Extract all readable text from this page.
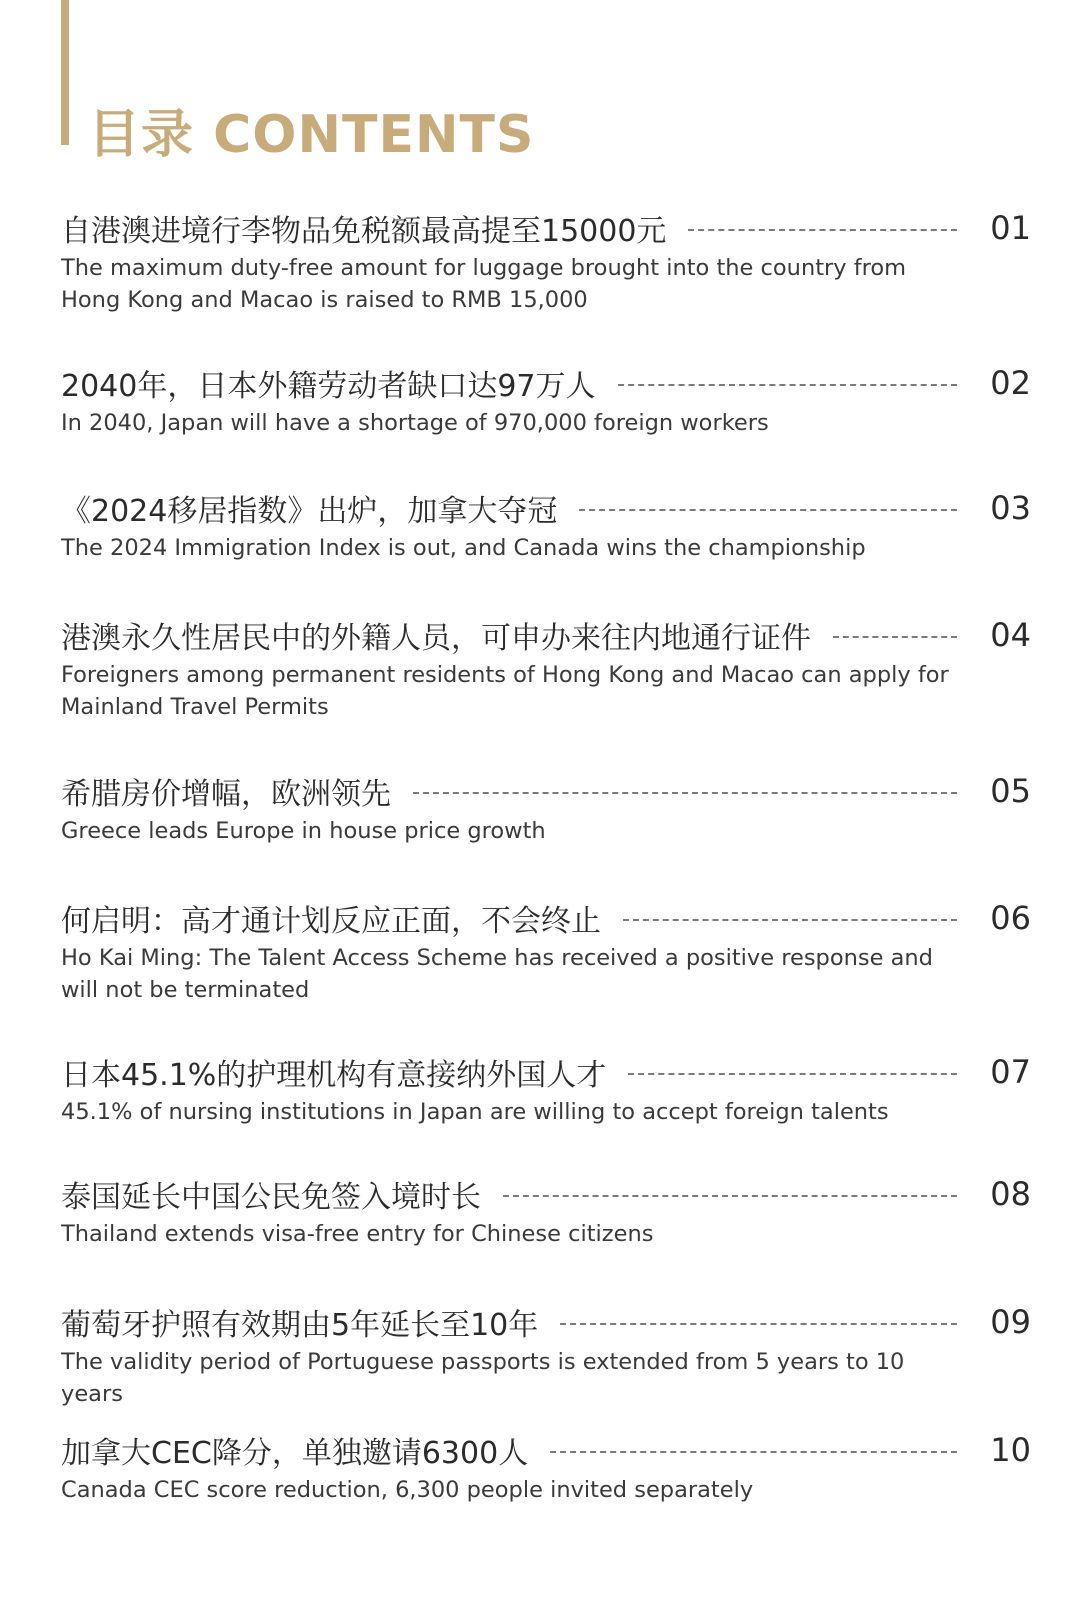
目录 CONTENTS
自港澳进境行李物品免税额最高提至15000元	01
The maximum duty-free amount for luggage brought into the country from Hong Kong and Macao is raised to RMB 15,000
2040年，日本外籍劳动者缺口达97万人	02
In 2040, Japan will have a shortage of 970,000 foreign workers
《2024移居指数》出炉，加拿大夺冠	03
The 2024 Immigration Index is out, and Canada wins the championship
港澳永久性居民中的外籍人员，可申办来往内地通行证件	04
Foreigners among permanent residents of Hong Kong and Macao can apply for Mainland Travel Permits
希腊房价增幅，欧洲领先	05
Greece leads Europe in house price growth
何启明：高才通计划反应正面，不会终止	06
Ho Kai Ming: The Talent Access Scheme has received a positive response and will not be terminated
日本45.1%的护理机构有意接纳外国人才	07
45.1% of nursing institutions in Japan are willing to accept foreign talents
泰国延长中国公民免签入境时长	08
Thailand extends visa-free entry for Chinese citizens
葡萄牙护照有效期由5年延长至10年	09
The validity period of Portuguese passports is extended from 5 years to 10 years
加拿大CEC降分，单独邀请6300人	10
Canada CEC score reduction, 6,300 people invited separately
